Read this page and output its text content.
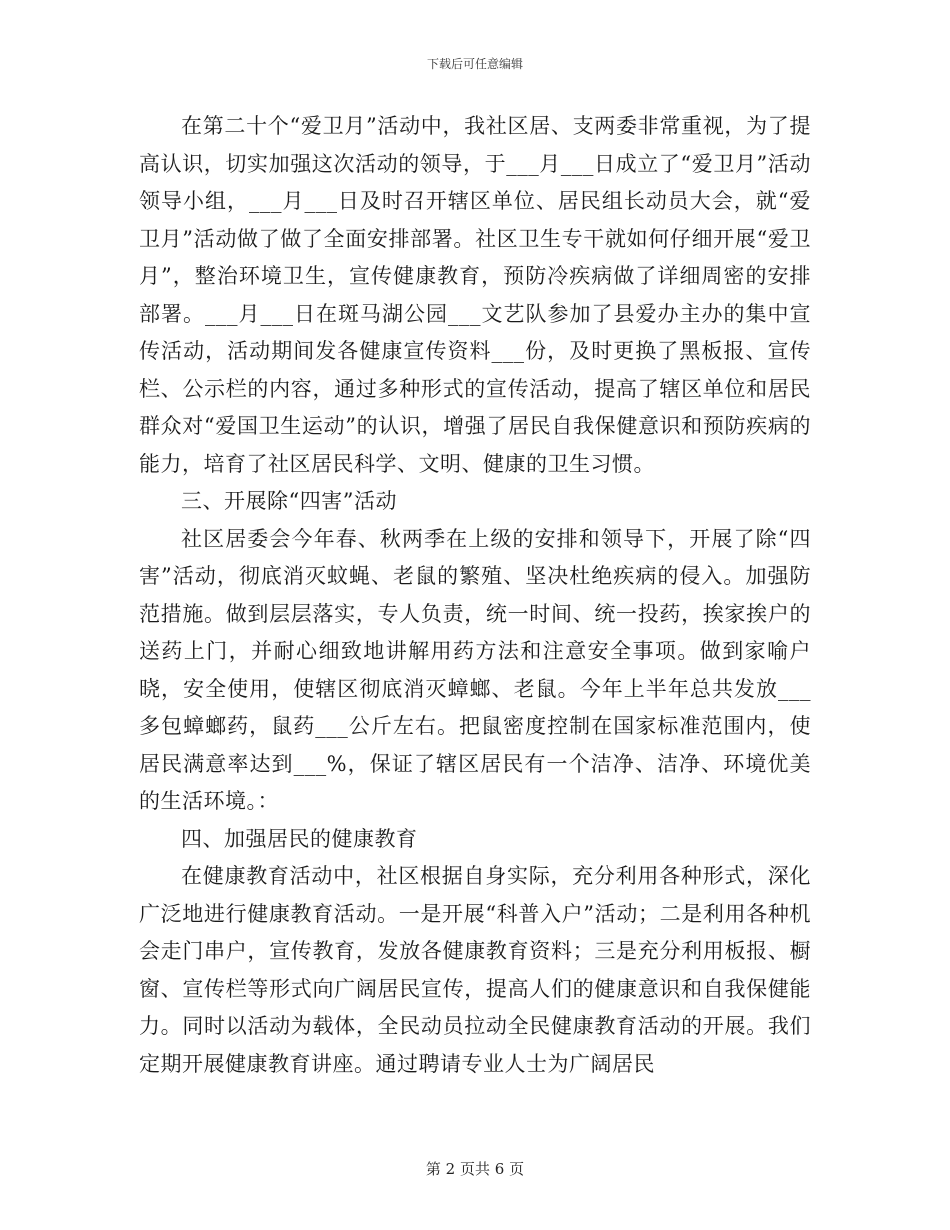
下载后可任意编辑

在第二十个“爱卫月”活动中，我社区居、支两委非常重视，为了提高认识，切实加强这次活动的领导，于___月___日成立了“爱卫月”活动领导小组，___月___日及时召开辖区单位、居民组长动员大会，就“爱卫月”活动做了做了全面安排部署。社区卫生专干就如何仔细开展“爱卫月”，整治环境卫生，宣传健康教育，预防冷疾病做了详细周密的安排部署。___月___日在斑马湖公园___文艺队参加了县爱办主办的集中宣传活动，活动期间发各健康宣传资料___份，及时更换了黑板报、宣传栏、公示栏的内容，通过多种形式的宣传活动，提高了辖区单位和居民群众对“爱国卫生运动”的认识，增强了居民自我保健意识和预防疾病的能力，培育了社区居民科学、文明、健康的卫生习惯。

三、开展除“四害”活动

社区居委会今年春、秋两季在上级的安排和领导下，开展了除“四害”活动，彻底消灭蚊蝇、老鼠的繁殖、坚决杜绝疾病的侵入。加强防范措施。做到层层落实，专人负责，统一时间、统一投药，挨家挨户的送药上门，并耐心细致地讲解用药方法和注意安全事项。做到家喻户晓，安全使用，使辖区彻底消灭蟑螂、老鼠。今年上半年总共发放___多包蟑螂药，鼠药___公斤左右。把鼠密度控制在国家标准范围内，使居民满意率达到___%，保证了辖区居民有一个洁净、洁净、环境优美的生活环境。：

四、加强居民的健康教育

在健康教育活动中，社区根据自身实际，充分利用各种形式，深化广泛地进行健康教育活动。一是开展“科普入户”活动；二是利用各种机会走门串户，宣传教育，发放各健康教育资料；三是充分利用板报、橱窗、宣传栏等形式向广阔居民宣传，提高人们的健康意识和自我保健能力。同时以活动为载体，全民动员拉动全民健康教育活动的开展。我们定期开展健康教育讲座。通过聘请专业人士为广阔居民

第 2 页共 6 页
